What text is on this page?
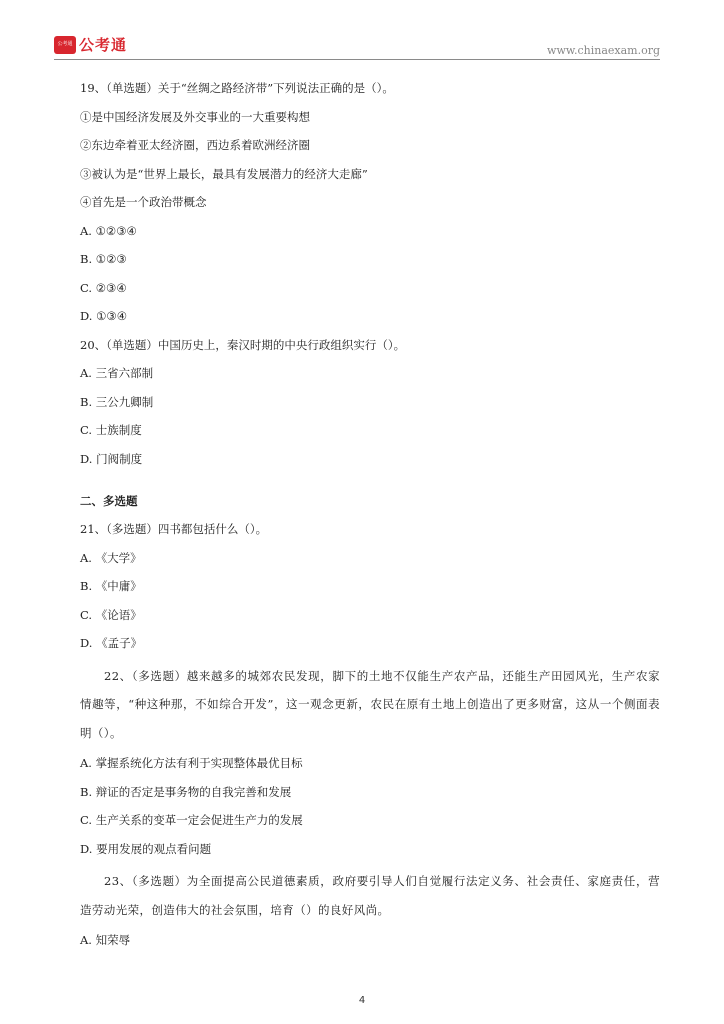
公考通 公考通	www.chinaexam.org
19、（单选题）关于“丝绸之路经济带”下列说法正确的是（）。
①是中国经济发展及外交事业的一大重要构想
②东边牵着亚太经济圈，西边系着欧洲经济圈
③被认为是“世界上最长，最具有发展潜力的经济大走廊”
④首先是一个政治带概念
A. ①②③④
B. ①②③
C. ②③④
D. ①③④
20、（单选题）中国历史上，秦汉时期的中央行政组织实行（）。
A. 三省六部制
B. 三公九卿制
C. 士族制度
D. 门阀制度
二、多选题
21、（多选题）四书都包括什么（）。
A. 《大学》
B. 《中庸》
C. 《论语》
D. 《孟子》
22、（多选题）越来越多的城郊农民发现，脚下的土地不仅能生产农产品，还能生产田园风光，生产农家情趣等，“种这种那，不如综合开发”，这一观念更新，农民在原有土地上创造出了更多财富，这从一个侧面表明（）。
A. 掌握系统化方法有利于实现整体最优目标
B. 辩证的否定是事务物的自我完善和发展
C. 生产关系的变革一定会促进生产力的发展
D. 要用发展的观点看问题
23、（多选题）为全面提高公民道德素质，政府要引导人们自觉履行法定义务、社会责任、家庭责任，营造劳动光荣，创造伟大的社会氛围，培育（）的良好风尚。
A. 知荣辱
4
